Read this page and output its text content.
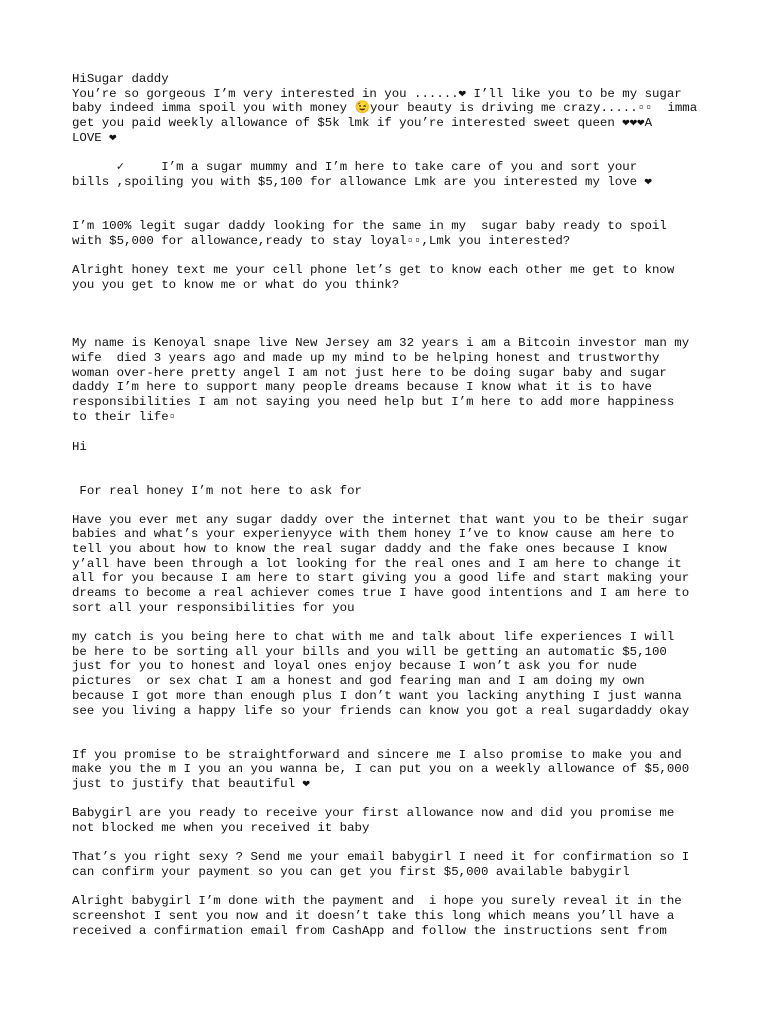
HiSugar daddy

You’re so gorgeous I’m very interested in you ......❤ I’ll like you to be my sugar

baby indeed imma spoil you with money 😉your beauty is driving me crazy.....▫▫  imma

get you paid weekly allowance of $5k lmk if you’re interested sweet queen ❤❤❤A

LOVE ❤

✓     I’m a sugar mummy and I’m here to take care of you and sort your

bills ,spoiling you with $5,100 for allowance Lmk are you interested my love ❤

I’m 100% legit sugar daddy looking for the same in my  sugar baby ready to spoil

with $5,000 for allowance,ready to stay loyal▫▫,Lmk you interested?

Alright honey text me your cell phone let’s get to know each other me get to know

you you get to know me or what do you think?

My name is Kenoyal snape live New Jersey am 32 years i am a Bitcoin investor man my

wife  died 3 years ago and made up my mind to be helping honest and trustworthy

woman over-here pretty angel I am not just here to be doing sugar baby and sugar

daddy I’m here to support many people dreams because I know what it is to have

responsibilities I am not saying you need help but I’m here to add more happiness

to their life▫

Hi

For real honey I’m not here to ask for

Have you ever met any sugar daddy over the internet that want you to be their sugar

babies and what’s your experienyyce with them honey I’ve to know cause am here to

tell you about how to know the real sugar daddy and the fake ones because I know

y’all have been through a lot looking for the real ones and I am here to change it

all for you because I am here to start giving you a good life and start making your

dreams to become a real achiever comes true I have good intentions and I am here to

sort all your responsibilities for you

my catch is you being here to chat with me and talk about life experiences I will

be here to be sorting all your bills and you will be getting an automatic $5,100

just for you to honest and loyal ones enjoy because I won’t ask you for nude

pictures  or sex chat I am a honest and god fearing man and I am doing my own

because I got more than enough plus I don’t want you lacking anything I just wanna

see you living a happy life so your friends can know you got a real sugardaddy okay

If you promise to be straightforward and sincere me I also promise to make you and

make you the m I you an you wanna be, I can put you on a weekly allowance of $5,000

just to justify that beautiful ❤

Babygirl are you ready to receive your first allowance now and did you promise me

not blocked me when you received it baby

That’s you right sexy ? Send me your email babygirl I need it for confirmation so I

can confirm your payment so you can get you first $5,000 available babygirl

Alright babygirl I’m done with the payment and  i hope you surely reveal it in the

screenshot I sent you now and it doesn’t take this long which means you’ll have a

received a confirmation email from CashApp and follow the instructions sent from
